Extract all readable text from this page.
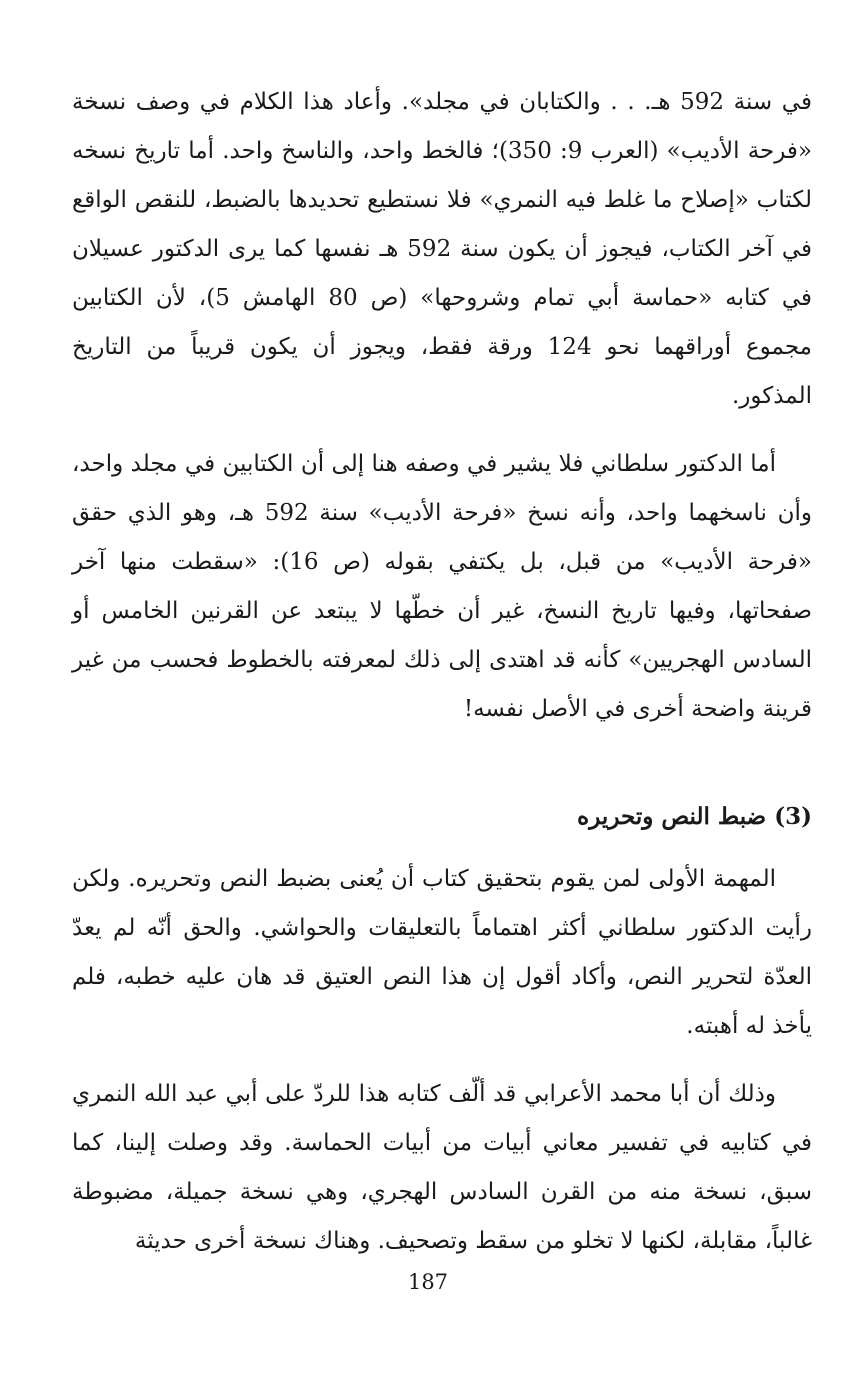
في سنة 592 هـ. . . والكتابان في مجلد». وأعاد هذا الكلام في وصف نسخة «فرحة الأديب» (العرب 9: 350)؛ فالخط واحد، والناسخ واحد. أما تاريخ نسخه لكتاب «إصلاح ما غلط فيه النمري» فلا نستطيع تحديدها بالضبط، للنقص الواقع في آخر الكتاب، فيجوز أن يكون سنة 592 هـ نفسها كما يرى الدكتور عسيلان في كتابه «حماسة أبي تمام وشروحها» (ص 80 الهامش 5)، لأن الكتابين مجموع أوراقهما نحو 124 ورقة فقط، ويجوز أن يكون قريباً من التاريخ المذكور.

أما الدكتور سلطاني فلا يشير في وصفه هنا إلى أن الكتابين في مجلد واحد، وأن ناسخهما واحد، وأنه نسخ «فرحة الأديب» سنة 592 هـ، وهو الذي حقق «فرحة الأديب» من قبل، بل يكتفي بقوله (ص 16): «سقطت منها آخر صفحاتها، وفيها تاريخ النسخ، غير أن خطّها لا يبتعد عن القرنين الخامس أو السادس الهجريين» كأنه قد اهتدى إلى ذلك لمعرفته بالخطوط فحسب من غير قرينة واضحة أخرى في الأصل نفسه!

(3) ضبط النص وتحريره

المهمة الأولى لمن يقوم بتحقيق كتاب أن يُعنى بضبط النص وتحريره. ولكن رأيت الدكتور سلطاني أكثر اهتماماً بالتعليقات والحواشي. والحق أنّه لم يعدّ العدّة لتحرير النص، وأكاد أقول إن هذا النص العتيق قد هان عليه خطبه، فلم يأخذ له أهبته.

وذلك أن أبا محمد الأعرابي قد ألّف كتابه هذا للردّ على أبي عبد الله النمري في كتابيه في تفسير معاني أبيات من أبيات الحماسة. وقد وصلت إلينا، كما سبق، نسخة منه من القرن السادس الهجري، وهي نسخة جميلة، مضبوطة غالباً، مقابلة، لكنها لا تخلو من سقط وتصحيف. وهناك نسخة أخرى حديثة

187
